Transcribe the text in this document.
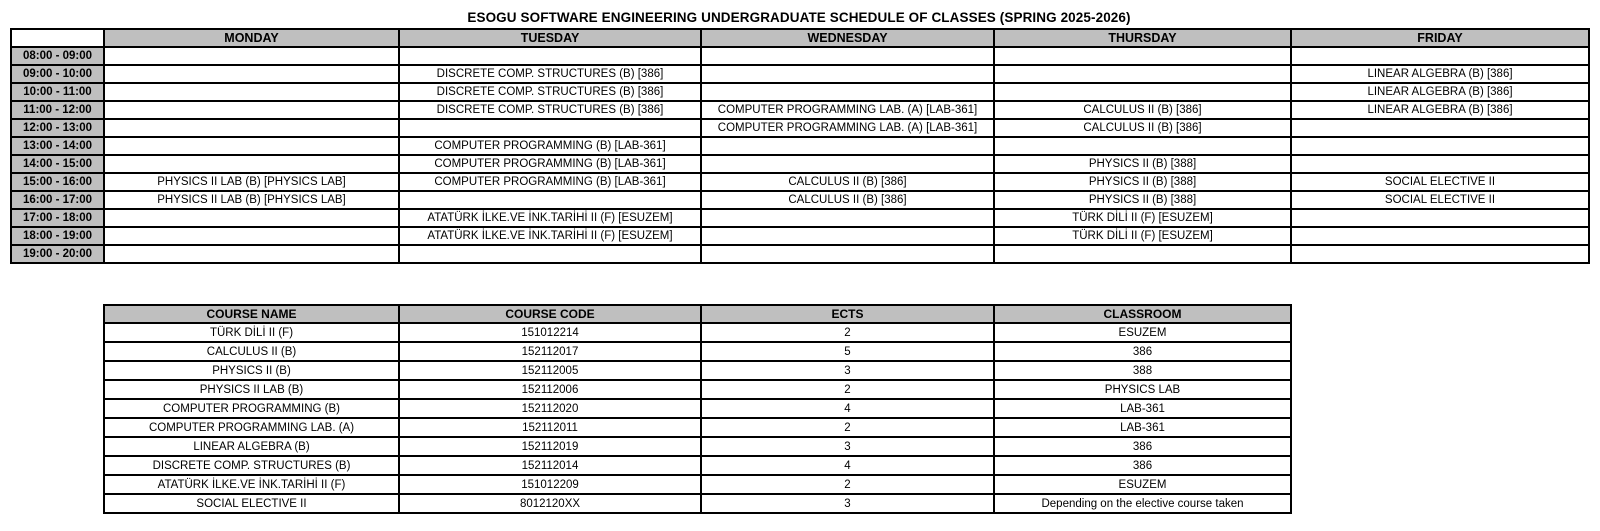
ESOGU SOFTWARE ENGINEERING UNDERGRADUATE SCHEDULE OF CLASSES (SPRING 2025-2026)
	MONDAY	TUESDAY	WEDNESDAY	THURSDAY	FRIDAY
08:00 - 09:00					
09:00 - 10:00		DISCRETE COMP. STRUCTURES (B) [386]			LINEAR ALGEBRA (B) [386]
10:00 - 11:00		DISCRETE COMP. STRUCTURES (B) [386]			LINEAR ALGEBRA (B) [386]
11:00 - 12:00		DISCRETE COMP. STRUCTURES (B) [386]	COMPUTER PROGRAMMING LAB. (A) [LAB-361]	CALCULUS II (B) [386]	LINEAR ALGEBRA (B) [386]
12:00 - 13:00			COMPUTER PROGRAMMING LAB. (A) [LAB-361]	CALCULUS II (B) [386]	
13:00 - 14:00		COMPUTER PROGRAMMING (B) [LAB-361]			
14:00 - 15:00		COMPUTER PROGRAMMING (B) [LAB-361]		PHYSICS II (B) [388]	
15:00 - 16:00	PHYSICS II LAB (B) [PHYSICS LAB]	COMPUTER PROGRAMMING (B) [LAB-361]	CALCULUS II (B) [386]	PHYSICS II (B) [388]	SOCIAL ELECTIVE II
16:00 - 17:00	PHYSICS II LAB (B) [PHYSICS LAB]		CALCULUS II (B) [386]	PHYSICS II (B) [388]	SOCIAL ELECTIVE II
17:00 - 18:00		ATATÜRK İLKE.VE İNK.TARİHİ II (F) [ESUZEM]		TÜRK DİLİ II (F) [ESUZEM]	
18:00 - 19:00		ATATÜRK İLKE.VE İNK.TARİHİ II (F) [ESUZEM]		TÜRK DİLİ II (F) [ESUZEM]	
19:00 - 20:00					
COURSE NAME	COURSE CODE	ECTS	CLASSROOM
TÜRK DİLİ II (F)	151012214	2	ESUZEM
CALCULUS II (B)	152112017	5	386
PHYSICS II (B)	152112005	3	388
PHYSICS II LAB (B)	152112006	2	PHYSICS LAB
COMPUTER PROGRAMMING (B)	152112020	4	LAB-361
COMPUTER PROGRAMMING LAB. (A)	152112011	2	LAB-361
LINEAR ALGEBRA (B)	152112019	3	386
DISCRETE COMP. STRUCTURES (B)	152112014	4	386
ATATÜRK İLKE.VE İNK.TARİHİ II (F)	151012209	2	ESUZEM
SOCIAL ELECTIVE II	8012120XX	3	Depending on the elective course taken
